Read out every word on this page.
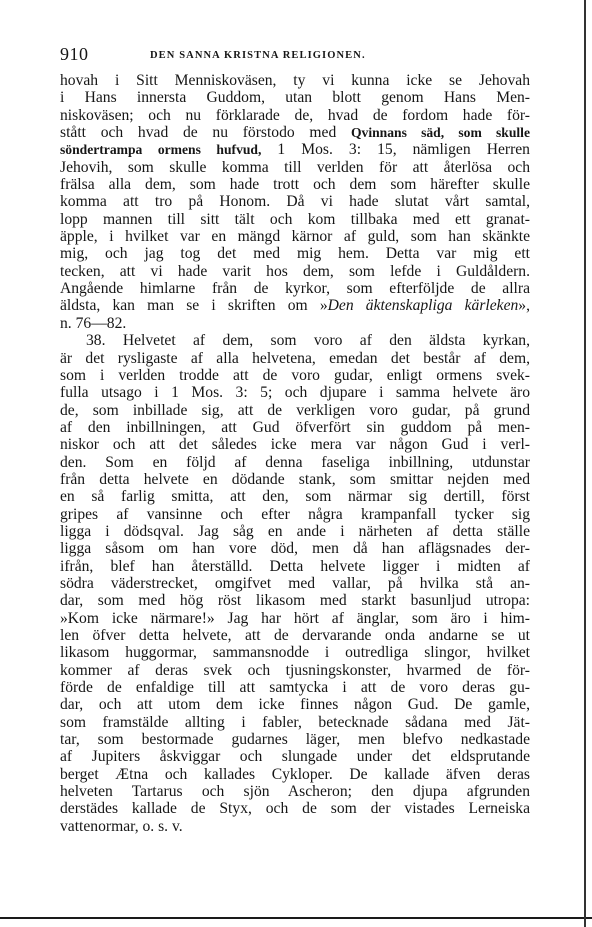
910	DEN SANNA KRISTNA RELIGIONEN.
hovah i Sitt Menniskoväsen, ty vi kunna icke se Jehovah
i Hans innersta Guddom, utan blott genom Hans Men-
niskoväsen; och nu förklarade de, hvad de fordom hade för-
stått och hvad de nu förstodo med Qvinnans säd, som skulle
söndertrampa ormens hufvud, 1 Mos. 3: 15, nämligen Herren
Jehovih, som skulle komma till verlden för att återlösa och
frälsa alla dem, som hade trott och dem som härefter skulle
komma att tro på Honom. Då vi hade slutat vårt samtal,
lopp mannen till sitt tält och kom tillbaka med ett granat-
äpple, i hvilket var en mängd kärnor af guld, som han skänkte
mig, och jag tog det med mig hem. Detta var mig ett
tecken, att vi hade varit hos dem, som lefde i Guldåldern.
Angående himlarne från de kyrkor, som efterföljde de allra
äldsta, kan man se i skriften om »Den äktenskapliga kärleken»,
n. 76—82.
38. Helvetet af dem, som voro af den äldsta kyrkan,
är det rysligaste af alla helvetena, emedan det består af dem,
som i verlden trodde att de voro gudar, enligt ormens svek-
fulla utsago i 1 Mos. 3: 5; och djupare i samma helvete äro
de, som inbillade sig, att de verkligen voro gudar, på grund
af den inbillningen, att Gud öfverfört sin guddom på men-
niskor och att det således icke mera var någon Gud i verl-
den. Som en följd af denna faseliga inbillning, utdunstar
från detta helvete en dödande stank, som smittar nejden med
en så farlig smitta, att den, som närmar sig dertill, först
gripes af vansinne och efter några krampanfall tycker sig
ligga i dödsqval. Jag såg en ande i närheten af detta ställe
ligga såsom om han vore död, men då han aflägsnades der-
ifrån, blef han återställd. Detta helvete ligger i midten af
södra väderstrecket, omgifvet med vallar, på hvilka stå an-
dar, som med hög röst likasom med starkt basunljud utropa:
»Kom icke närmare!» Jag har hört af änglar, som äro i him-
len öfver detta helvete, att de dervarande onda andarne se ut
likasom huggormar, sammansnodde i outredliga slingor, hvilket
kommer af deras svek och tjusningskonster, hvarmed de för-
förde de enfaldige till att samtycka i att de voro deras gu-
dar, och att utom dem icke finnes någon Gud. De gamle,
som framstälde allting i fabler, betecknade sådana med Jät-
tar, som bestormade gudarnes läger, men blefvo nedkastade
af Jupiters åskviggar och slungade under det eldsprutande
berget Ætna och kallades Cykloper. De kallade äfven deras
helveten Tartarus och sjön Ascheron; den djupa afgrunden
derstädes kallade de Styx, och de som der vistades Lerneiska
vattenormar, o. s. v.
